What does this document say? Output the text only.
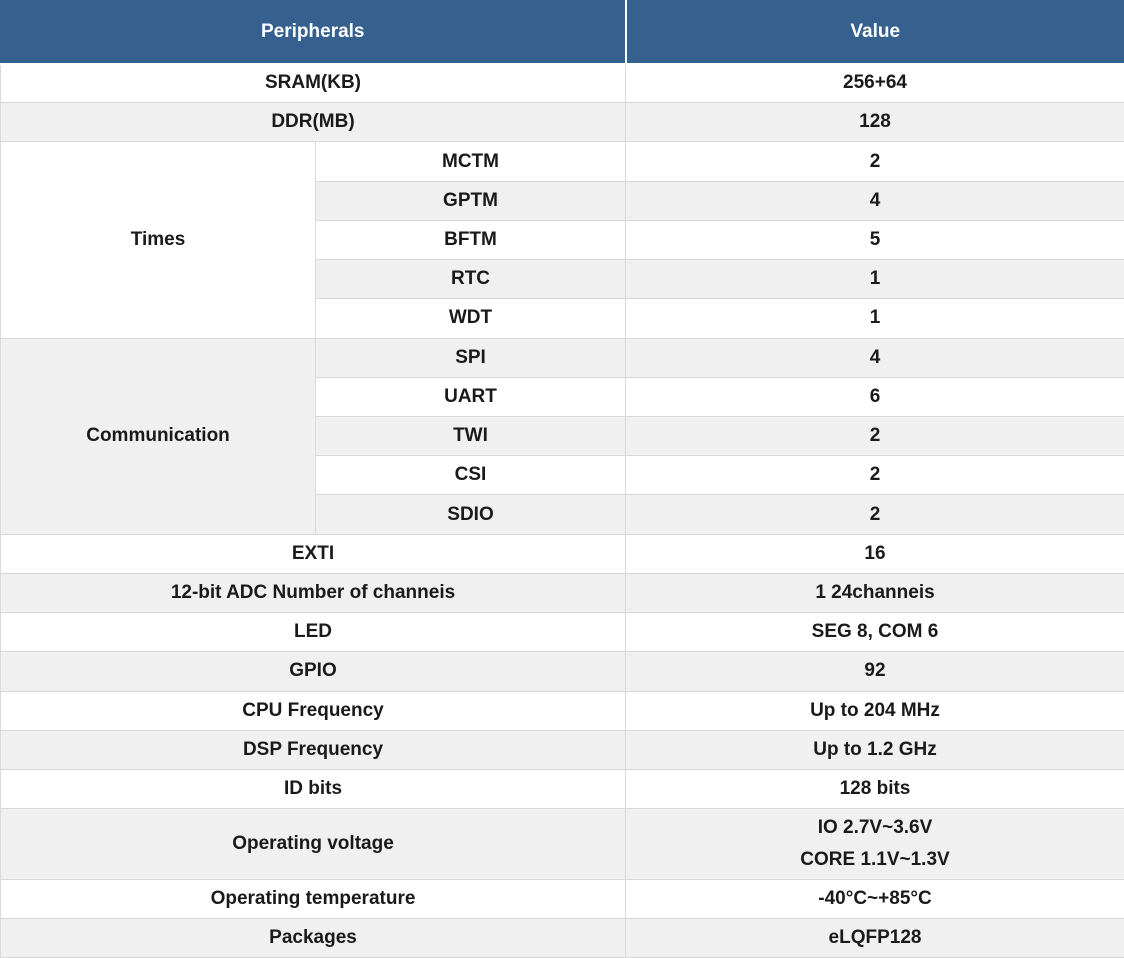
Peripherals		Value
SRAM(KB)		256+64
DDR(MB)		128
Times	MCTM	2
	GPTM	4
	BFTM	5
	RTC	1
	WDT	1
Communication	SPI	4
	UART	6
	TWI	2
	CSI	2
	SDIO	2
EXTI		16
12-bit ADC Number of channeis		1 24channeis
LED		SEG 8, COM 6
GPIO		92
CPU Frequency		Up to 204 MHz
DSP Frequency		Up to 1.2 GHz
ID bits		128 bits
Operating voltage		IO 2.7V~3.6V
CORE 1.1V~1.3V

Operating temperature		-40°C~+85°C
Packages		eLQFP128
